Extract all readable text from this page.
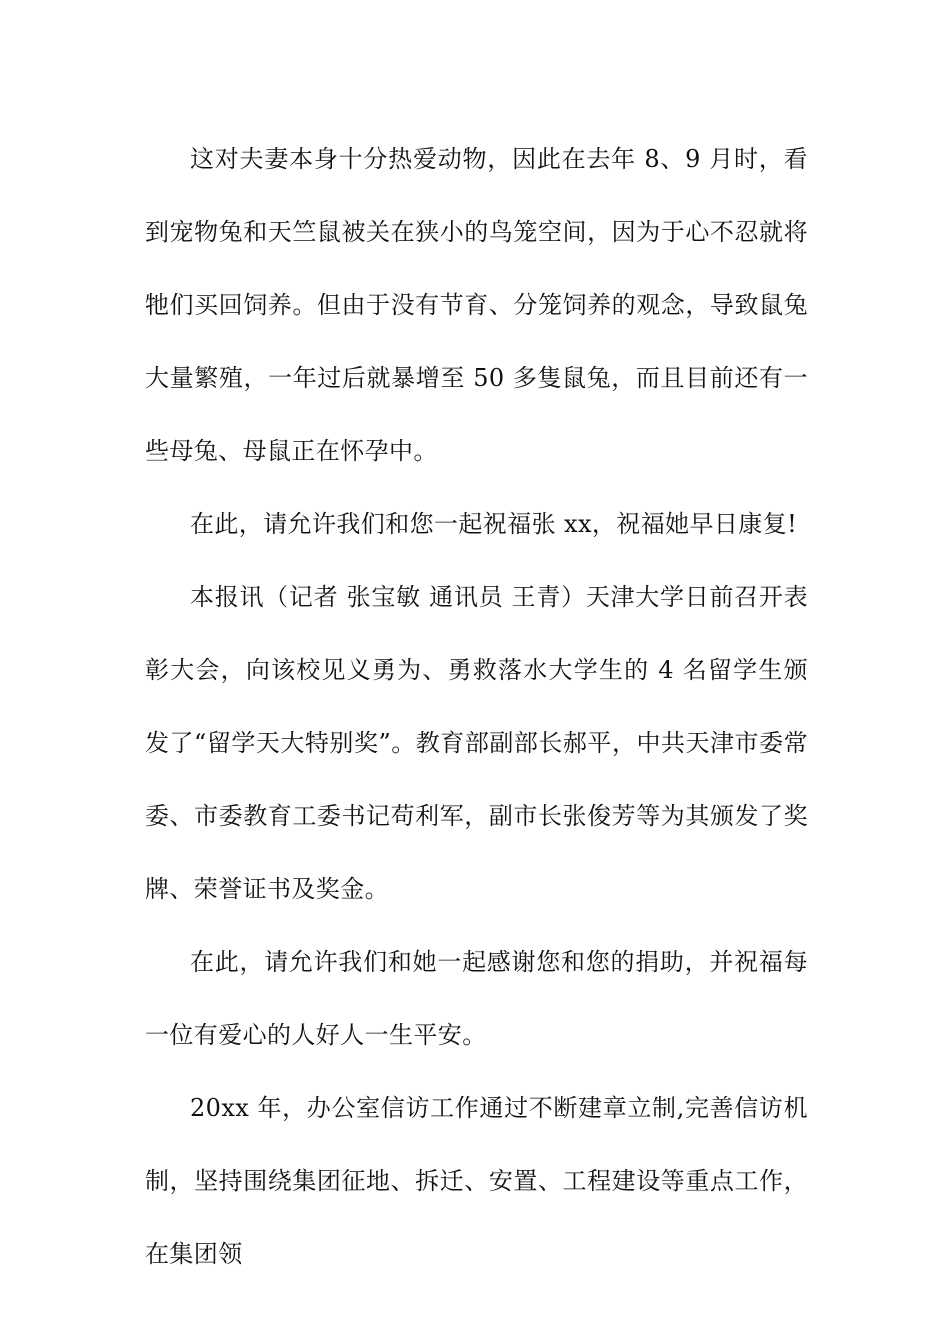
这对夫妻本身十分热爱动物，因此在去年 8、9 月时，看到宠物兔和天竺鼠被关在狭小的鸟笼空间，因为于心不忍就将牠们买回饲养。但由于没有节育、分笼饲养的观念，导致鼠兔大量繁殖，一年过后就暴增至 50 多隻鼠兔，而且目前还有一些母兔、母鼠正在怀孕中。

在此，请允许我们和您一起祝福张 xx，祝福她早日康复!

本报讯（记者 张宝敏 通讯员 王青）天津大学日前召开表彰大会，向该校见义勇为、勇救落水大学生的 4 名留学生颁发了“留学天大特别奖”。教育部副部长郝平，中共天津市委常委、市委教育工委书记苟利军，副市长张俊芳等为其颁发了奖牌、荣誉证书及奖金。

在此，请允许我们和她一起感谢您和您的捐助，并祝福每一位有爱心的人好人一生平安。

20xx 年，办公室信访工作通过不断建章立制,完善信访机制，坚持围绕集团征地、拆迁、安置、工程建设等重点工作，在集团领
